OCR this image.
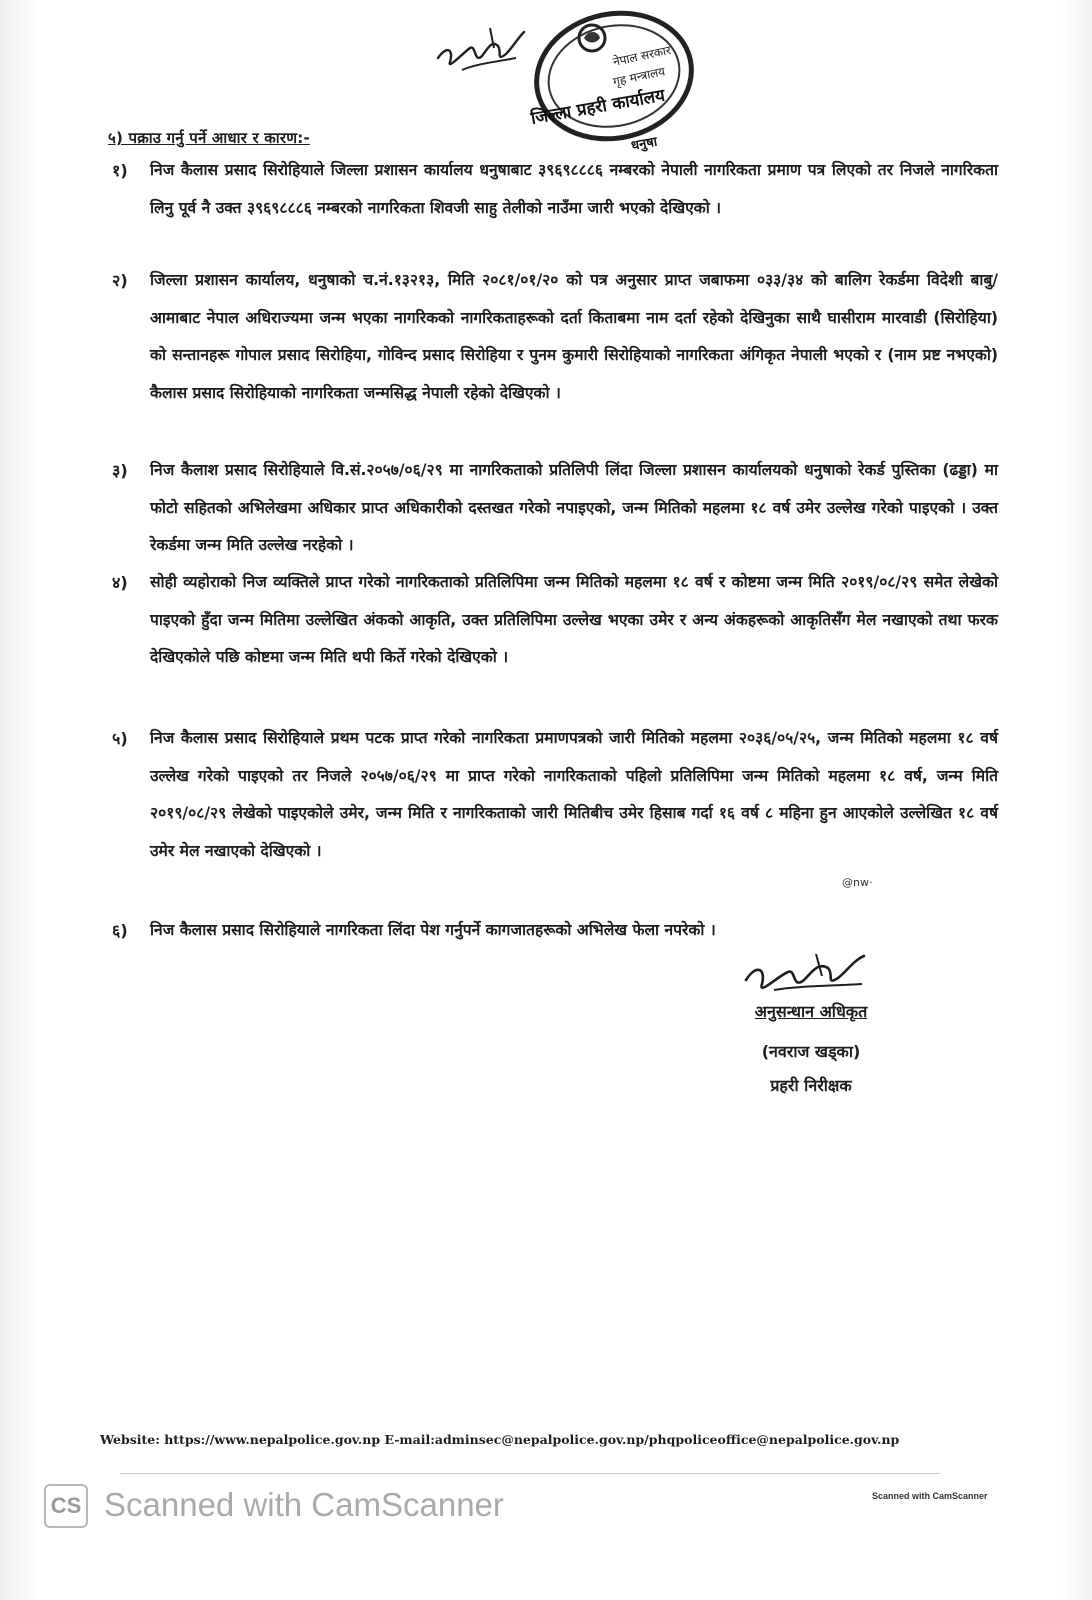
नेपाल सरकार
गृह मन्त्रालय
जिल्ला प्रहरी कार्यालय
धनुषा
५) पक्राउ गर्नु पर्ने आधार र कारण:-
१)	निज कैलास प्रसाद सिरोहियाले जिल्ला प्रशासन कार्यालय धनुषाबाट ३९६९८८८६ नम्बरको नेपाली नागरिकता प्रमाण पत्र लिएको तर निजले नागरिकता लिनु पूर्व नै उक्त ३९६९८८८६ नम्बरको नागरिकता शिवजी साहु तेलीको नाउँमा जारी भएको देखिएको ।
२)	जिल्ला प्रशासन कार्यालय, धनुषाको च.नं.१३२१३, मिति २०८१/०१/२० को पत्र अनुसार प्राप्त जबाफमा ०३३/३४ को बालिग रेकर्डमा विदेशी बाबु/आमाबाट नेपाल अधिराज्यमा जन्म भएका नागरिकको नागरिकताहरूको दर्ता किताबमा नाम दर्ता रहेको देखिनुका साथै घासीराम मारवाडी (सिरोहिया) को सन्तानहरू गोपाल प्रसाद सिरोहिया, गोविन्द प्रसाद सिरोहिया र पुनम कुमारी सिरोहियाको नागरिकता अंगिकृत नेपाली भएको र (नाम प्रष्ट नभएको) कैलास प्रसाद सिरोहियाको नागरिकता जन्मसिद्ध नेपाली रहेको देखिएको ।
३)	निज कैलाश प्रसाद सिरोहियाले वि.सं.२०५७/०६/२९ मा नागरिकताको प्रतिलिपी लिंदा जिल्ला प्रशासन कार्यालयको धनुषाको रेकर्ड पुस्तिका (ढड्डा) मा फोटो सहितको अभिलेखमा अधिकार प्राप्त अधिकारीको दस्तखत गरेको नपाइएको, जन्म मितिको महलमा १८ वर्ष उमेर उल्लेख गरेको पाइएको । उक्त रेकर्डमा जन्म मिति उल्लेख नरहेको ।
४)	सोही व्यहोराको निज व्यक्तिले प्राप्त गरेको नागरिकताको प्रतिलिपिमा जन्म मितिको महलमा १८ वर्ष र कोष्टमा जन्म मिति २०१९/०८/२९ समेत लेखेको पाइएको हुँदा जन्म मितिमा उल्लेखित अंकको आकृति, उक्त प्रतिलिपिमा उल्लेख भएका उमेर र अन्य अंकहरूको आकृतिसँग मेल नखाएको तथा फरक देखिएकोले पछि कोष्टमा जन्म मिति थपी किर्ते गरेको देखिएको ।
५)	निज कैलास प्रसाद सिरोहियाले प्रथम पटक प्राप्त गरेको नागरिकता प्रमाणपत्रको जारी मितिको महलमा २०३६/०५/२५, जन्म मितिको महलमा १८ वर्ष उल्लेख गरेको पाइएको तर निजले २०५७/०६/२९ मा प्राप्त गरेको नागरिकताको पहिलो प्रतिलिपिमा जन्म मितिको महलमा १८ वर्ष, जन्म मिति २०१९/०८/२९ लेखेको पाइएकोले उमेर, जन्म मिति र नागरिकताको जारी मितिबीच उमेर हिसाब गर्दा १६ वर्ष ८ महिना हुन आएकोले उल्लेखित १८ वर्ष उमेर मेल नखाएको देखिएको ।
६)	निज कैलास प्रसाद सिरोहियाले नागरिकता लिंदा पेश गर्नुपर्ने कागजातहरूको अभिलेख फेला नपरेको ।
@nw·
अनुसन्धान अधिकृत
(नवराज खड्का)
प्रहरी निरीक्षक
Website: https://www.nepalpolice.gov.np E-mail:adminsec@nepalpolice.gov.np/phqpoliceoffice@nepalpolice.gov.np
CS Scanned with CamScanner	Scanned with CamScanner
